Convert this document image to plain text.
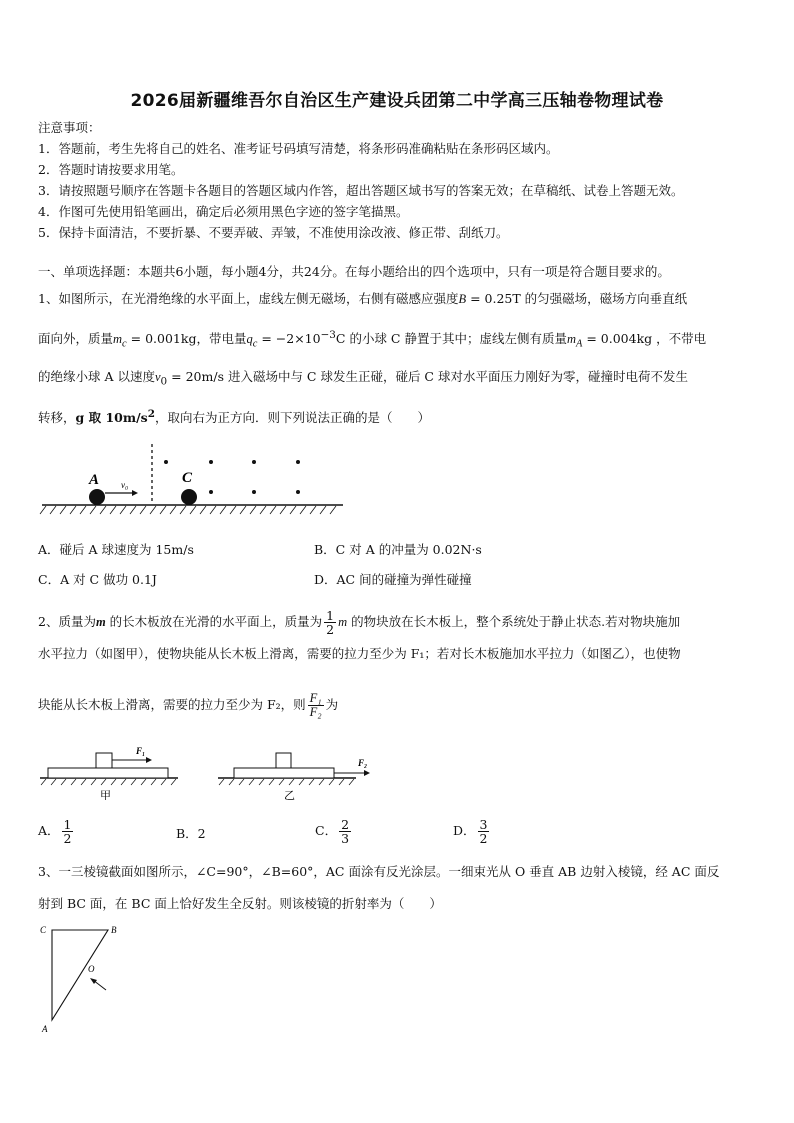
2026届新疆维吾尔自治区生产建设兵团第二中学高三压轴卷物理试卷
注意事项：
1．答题前，考生先将自己的姓名、准考证号码填写清楚，将条形码准确粘贴在条形码区域内。
2．答题时请按要求用笔。
3．请按照题号顺序在答题卡各题目的答题区域内作答，超出答题区域书写的答案无效；在草稿纸、试卷上答题无效。
4．作图可先使用铅笔画出，确定后必须用黑色字迹的签字笔描黑。
5．保持卡面清洁，不要折暴、不要弄破、弄皱，不准使用涂改液、修正带、刮纸刀。
一、单项选择题：本题共6小题，每小题4分，共24分。在每小题给出的四个选项中，只有一项是符合题目要求的。
1、如图所示，在光滑绝缘的水平面上，虚线左侧无磁场，右侧有磁感应强度B = 0.25T 的匀强磁场，磁场方向垂直纸
面向外，质量$m_c = 0.001kg$，带电量$q_c = -2\times 10^{-3}C$ 的小球 C 静置于其中；虚线左侧有质量$m_A = 0.004kg$ ，不带电
的绝缘小球 A 以速度$v_0 = 20m/s$ 进入磁场中与 C 球发生正碰，碰后 C 球对水平面压力刚好为零，碰撞时电荷不发生
转移，g 取 $10m/s^2$，取向右为正方向．则下列说法正确的是（　　）
A	C
v₀
A．碰后 A 球速度为 15m/s	B．C 对 A 的冲量为 0.02N·s
C．A 对 C 做功 0.1J	D．AC 间的碰撞为弹性碰撞
2、质量为m 的长木板放在光滑的水平面上，质量为 $\frac{1}{2}$ m 的物块放在长木板上，整个系统处于静止状态.若对物块施加
水平拉力（如图甲），使物块能从长木板上滑离，需要的拉力至少为 F₁；若对长木板施加水平拉力（如图乙），也使物
块能从长木板上滑离，需要的拉力至少为 F₂，则 $\frac{\text{F₁}}{\text{F₂}}$ 为
F₁
甲
F₂
乙
A． $\frac{1}{2}$	B．2	C． $\frac{2}{3}$	D． $\frac{3}{2}$
3、一三棱镜截面如图所示，∠C=90°，∠B=60°，AC 面涂有反光涂层。一细束光从 O 垂直 AB 边射入棱镜，经 AC 面反
射到 BC 面，在 BC 面上恰好发生全反射。则该棱镜的折射率为（　　）
C	B
A
O
